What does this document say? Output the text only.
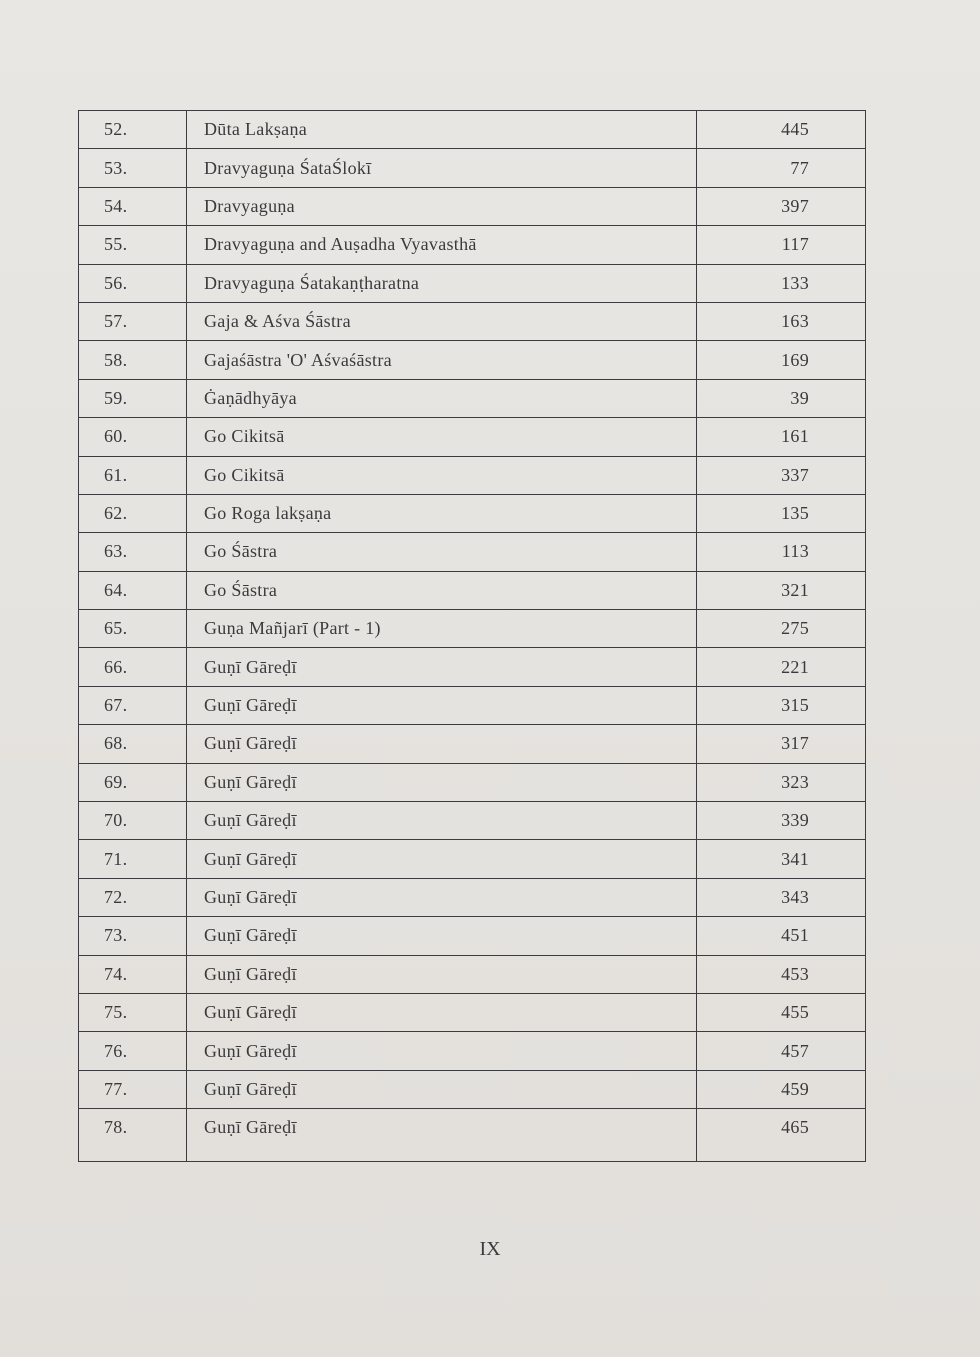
52.	Dūta Lakṣaṇa	445
53.	Dravyaguṇa ŚataŚlokī	77
54.	Dravyaguṇa	397
55.	Dravyaguṇa and Auṣadha Vyavasthā	117
56.	Dravyaguṇa Śatakaṇṭharatna	133
57.	Gaja & Aśva Śāstra	163
58.	Gajaśāstra 'O' Aśvaśāstra	169
59.	Ġaṇādhyāya	39
60.	Go Cikitsā	161
61.	Go Cikitsā	337
62.	Go Roga lakṣaṇa	135
63.	Go Śāstra	113
64.	Go Śāstra	321
65.	Guṇa Mañjarī (Part - 1)	275
66.	Guṇī Gāreḍī	221
67.	Guṇī Gāreḍī	315
68.	Guṇī Gāreḍī	317
69.	Guṇī Gāreḍī	323
70.	Guṇī Gāreḍī	339
71.	Guṇī Gāreḍī	341
72.	Guṇī Gāreḍī	343
73.	Guṇī Gāreḍī	451
74.	Guṇī Gāreḍī	453
75.	Guṇī Gāreḍī	455
76.	Guṇī Gāreḍī	457
77.	Guṇī Gāreḍī	459
78.	Guṇī Gāreḍī	465
IX
